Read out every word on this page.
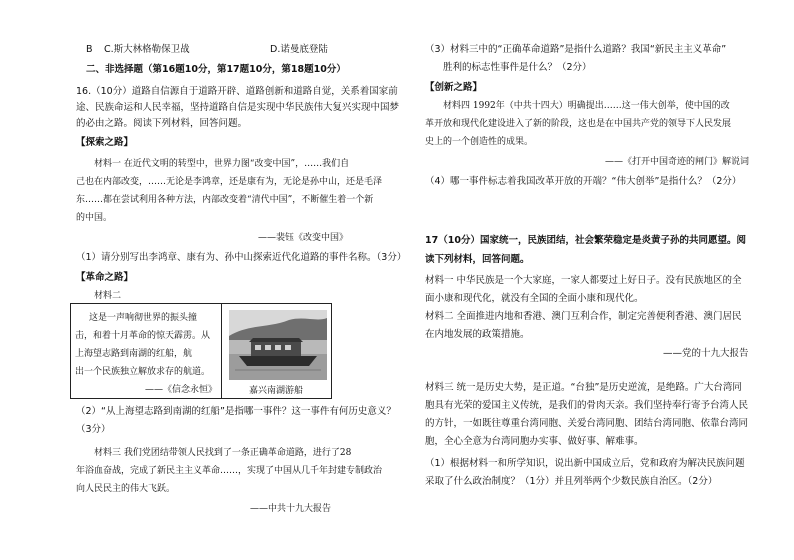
B C.斯大林格勒保卫战	D.诺曼底登陆
二、非选择题（第16题10分，第17题10分，第18题10分）
16.（10分）道路自信源自于道路开辟、道路创新和道路自觉，关系着国家前
途、民族命运和人民幸福，坚持道路自信是实现中华民族伟大复兴实现中国梦
的必由之路。阅读下列材料，回答问题。
【探索之路】
材料一 在近代文明的转型中，世界力图“改变中国”，……我们自
己也在内部改变，……无论是李鸿章，还是康有为，无论是孙中山，还是毛泽
东……都在尝试利用各种方法，内部改变着“清代中国”，不断催生着一个新
的中国。
——裴钰《改变中国》
（1）请分别写出李鸿章、康有为、孙中山探索近代化道路的事件名称。（3分）
【革命之路】
材料二
这是一声响彻世界的振头撞
击，和着十月革命的惊天霹雳。从
上海望志路到南湖的红船，航
出一个民族独立解放求存的航道。
——《信念永恒》	嘉兴南湖游船
（2）“从上海望志路到南湖的红船”是指哪一事件？这一事件有何历史意义？
（3分）
材料三 我们党团结带领人民找到了一条正确革命道路，进行了28
年浴血奋战，完成了新民主主义革命……，实现了中国从几千年封建专制政治
向人民民主的伟大飞跃。
——中共十九大报告
（3）材料三中的“正确革命道路”是指什么道路？我国“新民主主义革命”
胜利的标志性事件是什么？（2分）
【创新之路】
材料四 1992年（中共十四大）明确提出……这一伟大创举，使中国的改
革开放和现代化建设进入了新的阶段，这也是在中国共产党的领导下人民发展
史上的一个创造性的成果。
——《打开中国奇迹的闸门》解说词
（4）哪一事件标志着我国改革开放的开端？“伟大创举”是指什么？（2分）
17（10分）国家统一，民族团结，社会繁荣稳定是炎黄子孙的共同愿望。阅
读下列材料，回答问题。
材料一 中华民族是一个大家庭，一家人都要过上好日子。没有民族地区的全
面小康和现代化，就没有全国的全面小康和现代化。
材料二 全面推进内地和香港、澳门互利合作，制定完善便利香港、澳门居民
在内地发展的政策措施。
——党的十九大报告
材料三 统一是历史大势，是正道。“台独”是历史逆流，是绝路。广大台湾同
胞具有光荣的爱国主义传统，是我们的骨肉天亲。我们坚持奉行寄予台湾人民
的方针，一如既往尊重台湾同胞、关爱台湾同胞、团结台湾同胞、依靠台湾同
胞，全心全意为台湾同胞办实事、做好事、解难事。
（1）根据材料一和所学知识，说出新中国成立后，党和政府为解决民族问题
采取了什么政治制度？（1分）并且列举两个少数民族自治区。（2分）
